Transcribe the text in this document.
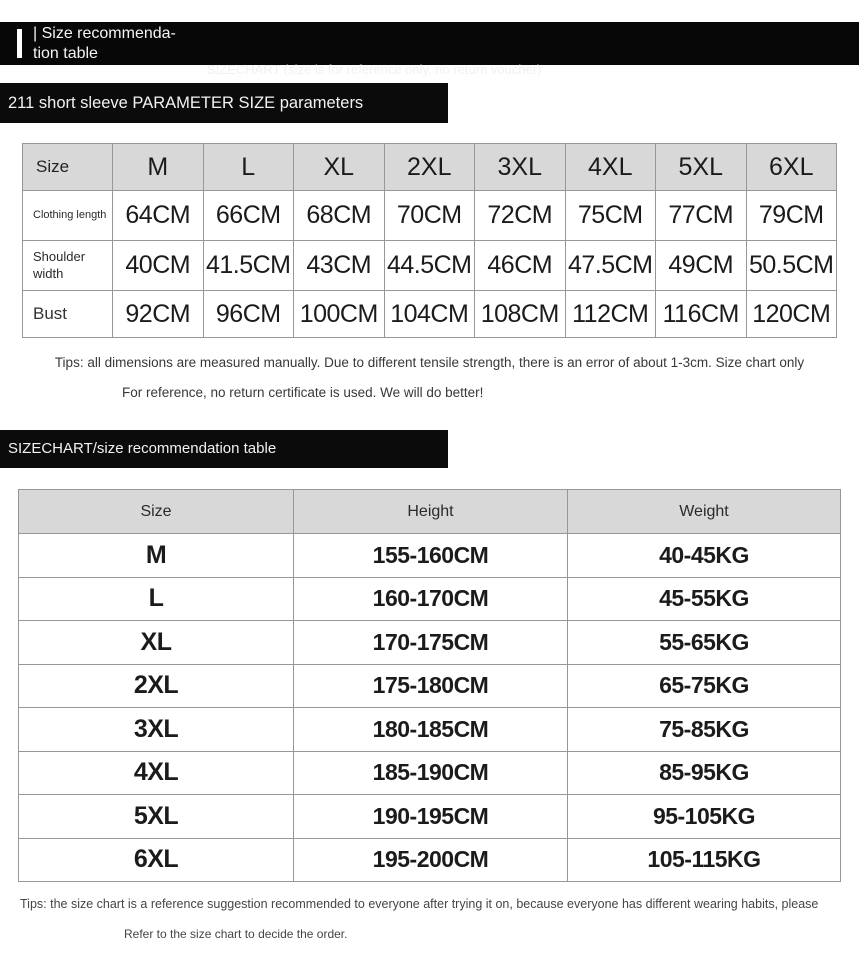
| Size recommenda-
tion table
SIZECHART (size is for reference only, no return voucher)
211 short sleeve PARAMETER SIZE parameters
Size	M	L	XL	2XL	3XL	4XL	5XL	6XL
Clothing length	64CM	66CM	68CM	70CM	72CM	75CM	77CM	79CM
Shoulder width	40CM	41.5CM	43CM	44.5CM	46CM	47.5CM	49CM	50.5CM
Bust	92CM	96CM	100CM	104CM	108CM	112CM	116CM	120CM
Tips: all dimensions are measured manually. Due to different tensile strength, there is an error of about 1-3cm. Size chart only
For reference, no return certificate is used. We will do better!
SIZECHART/size recommendation table
Size	Height	Weight
M	155-160CM	40-45KG
L	160-170CM	45-55KG
XL	170-175CM	55-65KG
2XL	175-180CM	65-75KG
3XL	180-185CM	75-85KG
4XL	185-190CM	85-95KG
5XL	190-195CM	95-105KG
6XL	195-200CM	105-115KG
Tips: the size chart is a reference suggestion recommended to everyone after trying it on, because everyone has different wearing habits, please
Refer to the size chart to decide the order.
